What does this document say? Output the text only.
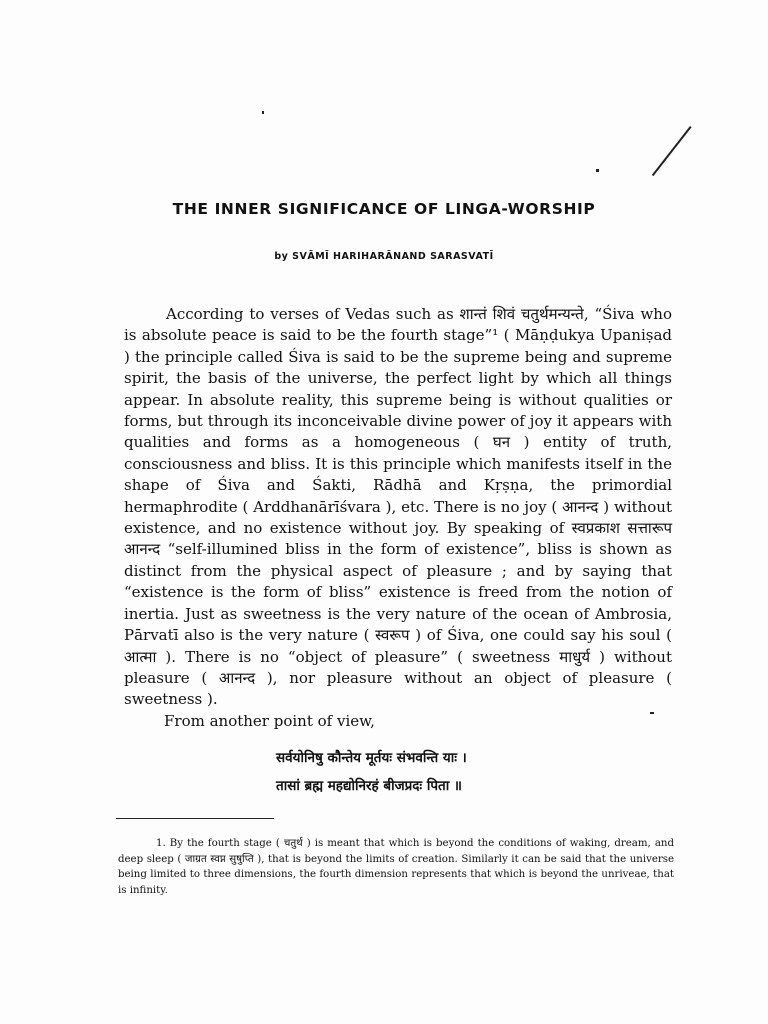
THE INNER SIGNIFICANCE OF LINGA-WORSHIP
by SVĀMĪ HARIHARĀNAND SARASVATĪ

According to verses of Vedas such as शान्तं शिवं चतुर्थमन्यन्ते, “Śiva who is absolute peace is said to be the fourth stage”¹ ( Māṇḍukya Upaniṣad ) the principle called Śiva is said to be the supreme being and supreme spirit, the basis of the universe, the perfect light by which all things appear. In absolute reality, this supreme being is without qualities or forms, but through its inconceivable divine power of joy it appears with qualities and forms as a homogeneous ( घन ) entity of truth, consciousness and bliss. It is this principle which manifests itself in the shape of Śiva and Śakti, Rādhā and Kṛṣṇa, the primordial hermaphrodite ( Arddhanārīśvara ), etc. There is no joy ( आनन्द ) without existence, and no existence without joy. By speaking of स्वप्रकाश सत्तारूप आनन्द “self-illumined bliss in the form of existence”, bliss is shown as distinct from the physical aspect of pleasure ; and by saying that “existence is the form of bliss” existence is freed from the notion of inertia. Just as sweetness is the very nature of the ocean of Ambrosia, Pārvatī also is the very nature ( स्वरूप ) of Śiva, one could say his soul ( आत्मा ). There is no “object of pleasure” ( sweetness माधुर्य ) without pleasure ( आनन्द ), nor pleasure without an object of pleasure ( sweetness ).

From another point of view,

सर्वयोनिषु कौन्तेय मूर्तयः संभवन्ति याः ।
तासां ब्रह्म महद्योनिरहं बीजप्रदः पिता ॥

1. By the fourth stage ( चतुर्थ ) is meant that which is beyond the conditions of waking, dream, and deep sleep ( जाग्रत स्वप्न सुषुप्ति ), that is beyond the limits of creation. Similarly it can be said that the universe being limited to three dimensions, the fourth dimension represents that which is beyond the unriveae, that is infinity.
